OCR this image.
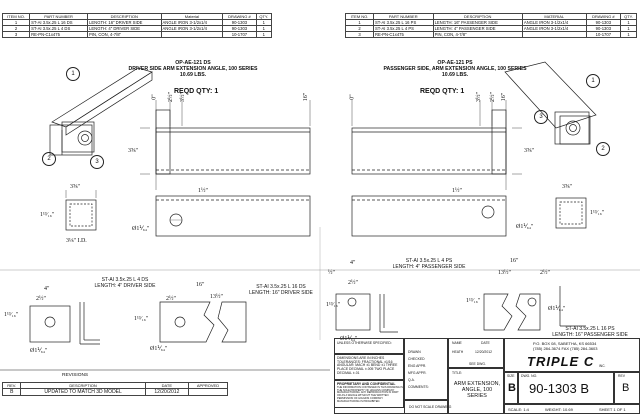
ITEM NO.	PART NUMBER	DESCRIPTION	Material	DRAWING #	QTY.
1	ST-AI 3.5x.25 L 16 DS	LENGTH: 16" DRIVER SIDE	ANGLE IRON 3-1/2x1/4	90-1303	1
2	ST-AI 3.5x.25 L 4 DS	LENGTH: 4" DRIVER SIDE	ANGLE IRON 3-1/2x1/4	90-1303	1
3	RE-PN-C1x475	PIN, CON, 4-7/8"		10-1707	1
ITEM NO.	PART NUMBER	DESCRIPTION	MATERIAL	DRAWING #	QTY.
1	ST-AI 3.5x.25 L 16 PS	LENGTH: 16" PASSENGER SIDE	ANGLE IRON 3-1/2x1/4	90-1303	1
2	ST-AI 3.5x.25 L 4 PS	LENGTH: 4" PASSENGER SIDE	ANGLE IRON 3-1/2x1/4	90-1303	1
3	RE-PN-C1x475	PIN, CON, 4-7/8"		10-1707	1
OP-AE-121 DS
DRIVER SIDE ARM EXTENSION ANGLE, 100 SERIES
10.69 LBS.
REQD QTY: 1
OP-AE-121 PS
PASSENGER SIDE, ARM EXTENSION ANGLE, 100 SERIES
10.69 LBS.
REQD QTY: 1
1
2	3
1
3
2
0" 2½" 3½"	16"
3⅝"
3⅝"
1¹³⁄₁₆"
3⅛" I.D.
1½"
Ø1⅟₆₄"
0"	3½" 2½" 16"
3⅝"
3⅝"
1¹³⁄₁₆"
1½"
Ø1⅟₆₄"
4"
2½"
1¹³⁄₁₆"
Ø1⅟₆₄"
ST-AI 3.5x.25 L 4 DS
LENGTH: 4" DRIVER SIDE	16"
13½"
2½"
1¹³⁄₁₆"
Ø1⅟₆₄"
ST-AI 3.5x.25 L 16 DS
LENGTH: 16" DRIVER SIDE
4"
½"
2½"
1¹³⁄₁₆"
Ø1⅟₆₄"
ST-AI 3.5x.25 L 4 PS
LENGTH: 4" PASSENGER SIDE
16"
13½"	2½"
1¹³⁄₁₆"
Ø1⅟₆₄"
ST-AI 3.5x.25 L 16 PS
LENGTH: 16" PASSENGER SIDE
REVISIONS
REV.	DESCRIPTION	DATE	APPROVED
B	UPDATED TO MATCH 3D MODEL	12/20/2012	
UNLESS OTHERWISE SPECIFIED:
DIMENSIONS ARE IN INCHES TOLERANCES: FRACTIONAL ±1/16 ANGULAR: MACH ±1 BEND ±1 THREE PLACE DECIMAL ±.005 TWO PLACE DECIMAL ±.01
PROPRIETARY AND CONFIDENTIAL
THE INFORMATION CONTAINED IN THIS DRAWING IS THE SOLE PROPERTY OF HIGGINS COMPANY MANUFACTURING. ANY REPRODUCTION IN PART OR AS A WHOLE WITHOUT THE WRITTEN PERMISSION OF HIGGINS COMPANY MANUFACTURING IS PROHIBITED.
DO NOT SCALE DRAWING
DRAWN
CHECKED
ENG APPR.
MFG APPR.
Q.A.
COMMENTS:
NAME	DATE
HEATH	12/20/2012
SEE DWG.
TITLE:
ARM EXTENSION, ANGLE, 100 SERIES
P.O. BOX 08, SABETHA, KS 66534
(785) 284-3674 FAX (785) 284-3603
TRIPLE C INC.
SIZE
B
DWG. NO.
90-1303 B
REV
B
SCALE: 1:4	WEIGHT: 10.69	SHEET 1 OF 1
